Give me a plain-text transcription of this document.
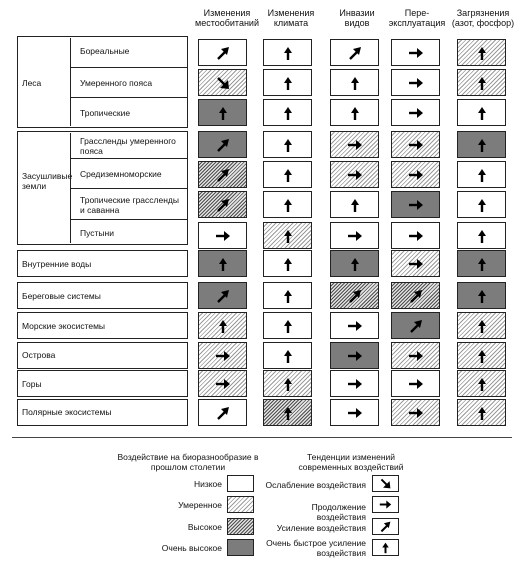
Изменения местообитаний
Изменения климата
Инвазии видов
Пере-эксплуатация
Загрязнения (азот, фосфор)
Леса
Засушливые земли
Бореальные
Умеренного пояса
Тропические
Грассленды умеренного пояса
Средиземноморские
Тропические грассленды и саванна
Пустыни
Внутренние воды
Береговые системы
Морские экосистемы
Острова
Горы
Полярные экосистемы
Воздействие на биоразнообразие в прошлом столетии
Тенденции изменений современных воздействий
Низкое
Умеренное
Высокое
Очень высокое
Ослабление воздействия
Продолжение воздействия
Усиление воздействия
Очень быстрое усиление воздействия
